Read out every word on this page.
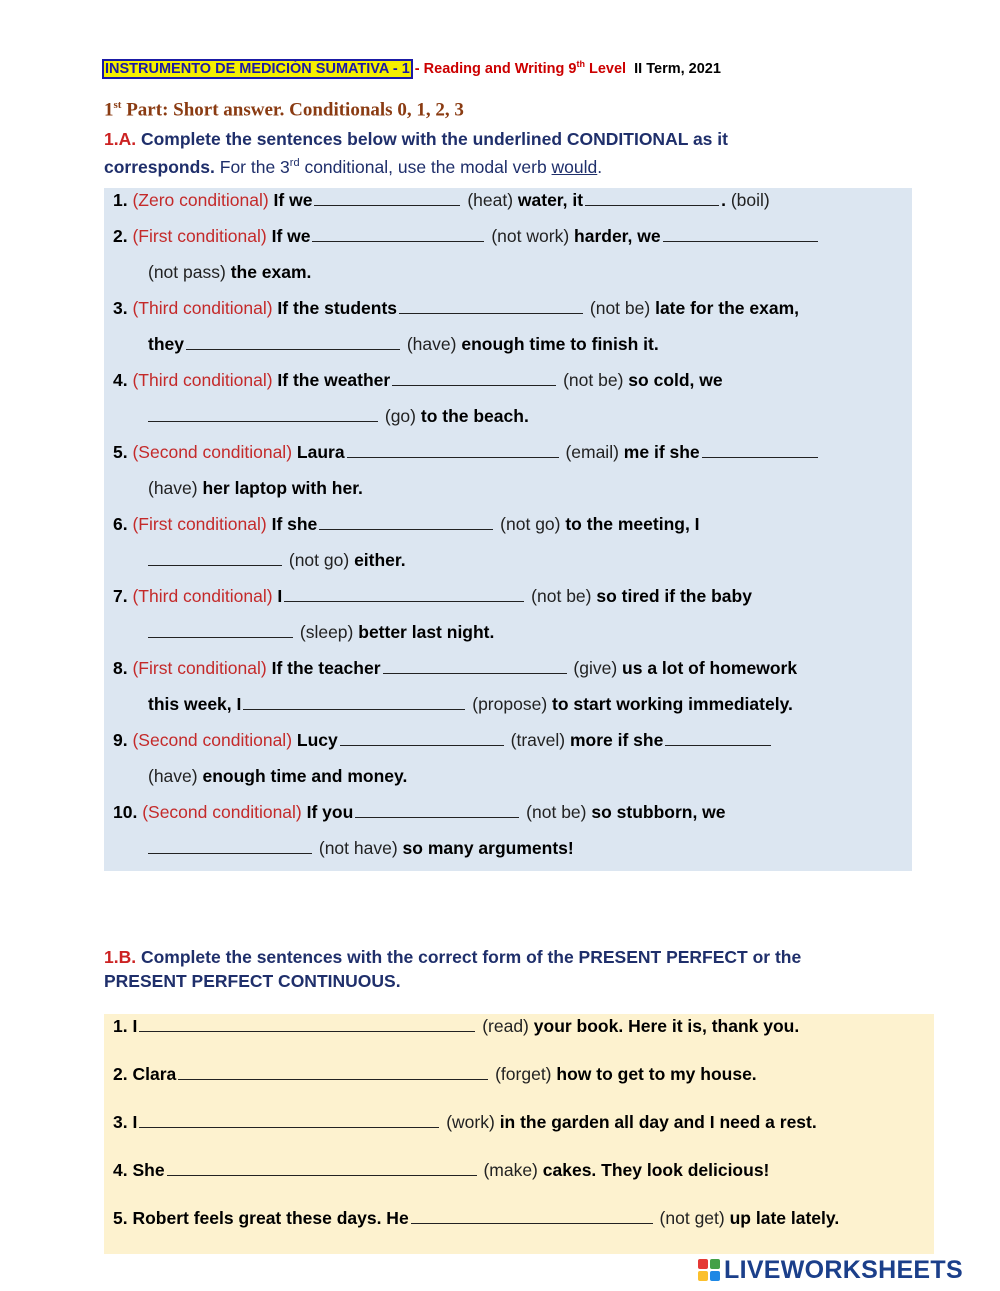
INSTRUMENTO DE MEDICIÓN SUMATIVA - 1 - Reading and Writing 9th Level II Term, 2021
1st Part: Short answer. Conditionals 0, 1, 2, 3
1.A. Complete the sentences below with the underlined CONDITIONAL as it corresponds. For the 3rd conditional, use the modal verb would.
1. (Zero conditional) If we	(heat) water, it	. (boil)
2. (First conditional) If we	(not work) harder, we
(not pass) the exam.
3. (Third conditional) If the students	(not be) late for the exam,
they	(have) enough time to finish it.
4. (Third conditional) If the weather	(not be) so cold, we
(go) to the beach.
5. (Second conditional) Laura	(email) me if she
(have) her laptop with her.
6. (First conditional) If she	(not go) to the meeting, I
(not go) either.
7. (Third conditional) I	(not be) so tired if the baby
(sleep) better last night.
8. (First conditional) If the teacher	(give) us a lot of homework
this week, I	(propose) to start working immediately.
9. (Second conditional) Lucy	(travel) more if she
(have) enough time and money.
10. (Second conditional) If you	(not be) so stubborn, we
(not have) so many arguments!
1.B. Complete the sentences with the correct form of the PRESENT PERFECT or the
PRESENT PERFECT CONTINUOUS.
1. I	(read) your book. Here it is, thank you.
2. Clara	(forget) how to get to my house.
3. I	(work) in the garden all day and I need a rest.
4. She	(make) cakes. They look delicious!
5. Robert feels great these days. He	(not get) up late lately.
LIVEWORKSHEETS
